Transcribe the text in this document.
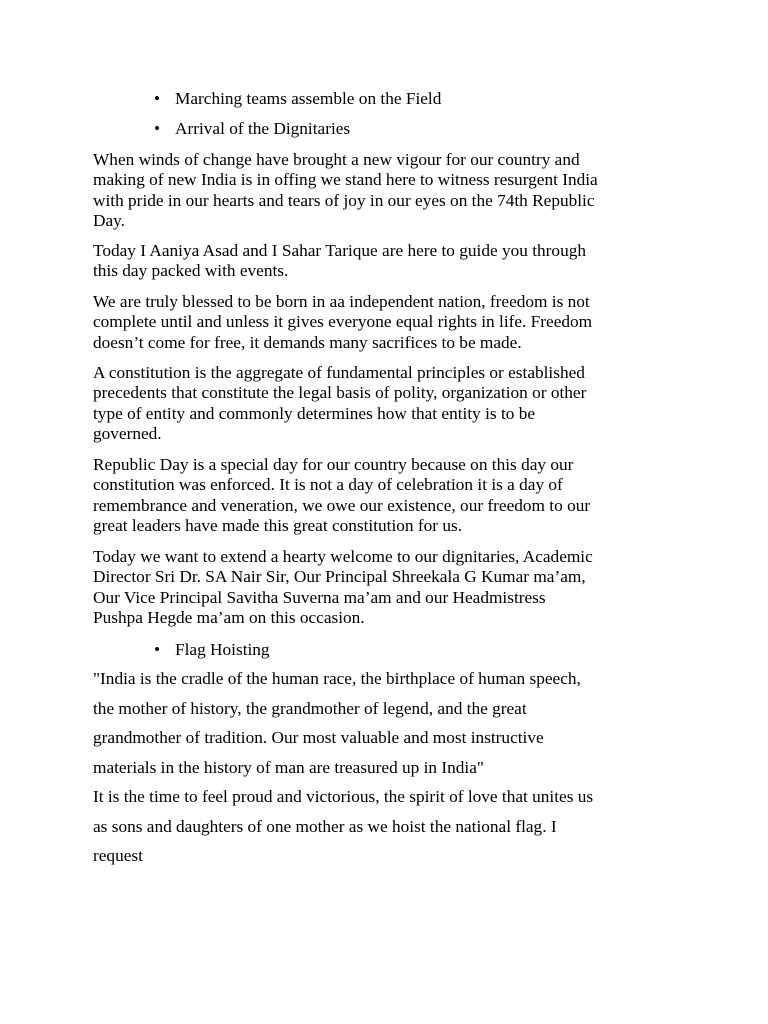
• Marching teams assemble on the Field
• Arrival of the Dignitaries

When winds of change have brought a new vigour for our country and
making of new India is in offing we stand here to witness resurgent India
with pride in our hearts and tears of joy in our eyes on the 74th Republic
Day.

Today I Aaniya Asad and I Sahar Tarique are here to guide you through
this day packed with events.

We are truly blessed to be born in aa independent nation, freedom is not
complete until and unless it gives everyone equal rights in life. Freedom
doesn’t come for free, it demands many sacrifices to be made.

A constitution is the aggregate of fundamental principles or established
precedents that constitute the legal basis of polity, organization or other
type of entity and commonly determines how that entity is to be
governed.

Republic Day is a special day for our country because on this day our
constitution was enforced. It is not a day of celebration it is a day of
remembrance and veneration, we owe our existence, our freedom to our
great leaders have made this great constitution for us.

Today we want to extend a hearty welcome to our dignitaries, Academic
Director Sri Dr. SA Nair Sir, Our Principal Shreekala G Kumar ma’am,
Our Vice Principal Savitha Suverna ma’am and our Headmistress
Pushpa Hegde ma’am on this occasion.

• Flag Hoisting

"India is the cradle of the human race, the birthplace of human speech,
the mother of history, the grandmother of legend, and the great
grandmother of tradition. Our most valuable and most instructive
materials in the history of man are treasured up in India"
It is the time to feel proud and victorious, the spirit of love that unites us
as sons and daughters of one mother as we hoist the national flag. I
request
